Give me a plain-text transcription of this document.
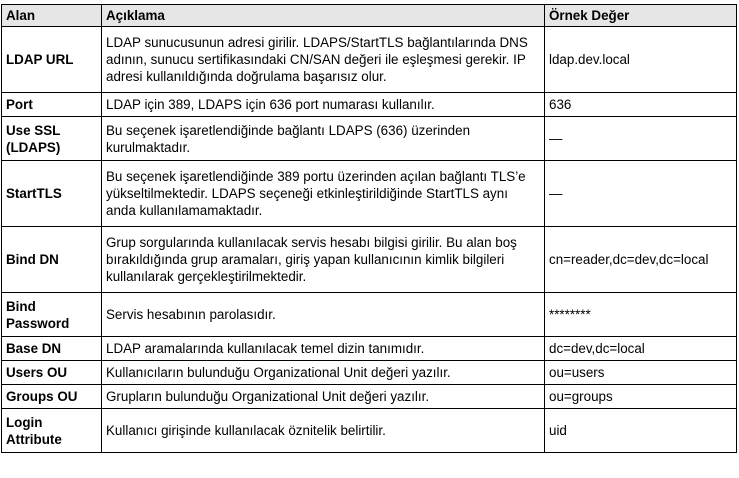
Alan	Açıklama	Örnek Değer
LDAP URL	LDAP sunucusunun adresi girilir. LDAPS/StartTLS bağlantılarında DNS adının, sunucu sertifikasındaki CN/SAN değeri ile eşleşmesi gerekir. IP adresi kullanıldığında doğrulama başarısız olur.	ldap.dev.local
Port	LDAP için 389, LDAPS için 636 port numarası kullanılır.	636
Use SSL (LDAPS)	Bu seçenek işaretlendiğinde bağlantı LDAPS (636) üzerinden kurulmaktadır.	—
StartTLS	Bu seçenek işaretlendiğinde 389 portu üzerinden açılan bağlantı TLS’e yükseltilmektedir. LDAPS seçeneği etkinleştirildiğinde StartTLS aynı anda kullanılamamaktadır.	—
Bind DN	Grup sorgularında kullanılacak servis hesabı bilgisi girilir. Bu alan boş bırakıldığında grup aramaları, giriş yapan kullanıcının kimlik bilgileri kullanılarak gerçekleştirilmektedir.	cn=reader,dc=dev,dc=local
Bind Password	Servis hesabının parolasıdır.	********
Base DN	LDAP aramalarında kullanılacak temel dizin tanımıdır.	dc=dev,dc=local
Users OU	Kullanıcıların bulunduğu Organizational Unit değeri yazılır.	ou=users
Groups OU	Grupların bulunduğu Organizational Unit değeri yazılır.	ou=groups
Login Attribute	Kullanıcı girişinde kullanılacak öznitelik belirtilir.	uid
